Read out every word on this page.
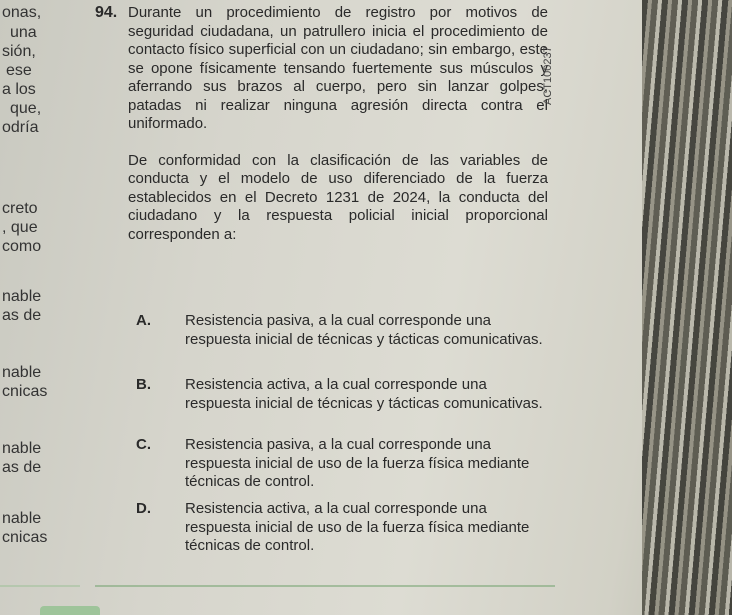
onas,
una
sión,
ese
a los
que,
odría
creto
, que
como
nable
as de
nable
cnicas
nable
as de
nable
cnicas
94. Durante un procedimiento de registro por motivos de seguridad ciudadana, un patrullero inicia el procedimiento de contacto físico superficial con un ciudadano; sin embargo, este se opone físicamente tensando fuertemente sus músculos y aferrando sus brazos al cuerpo, pero sin lanzar golpes, patadas ni realizar ninguna agresión directa contra el uniformado.

De conformidad con la clasificación de las variables de conducta y el modelo de uso diferenciado de la fuerza establecidos en el Decreto 1231 de 2024, la conducta del ciudadano y la respuesta policial inicial proporcional corresponden a:

A. Resistencia pasiva, a la cual corresponde una respuesta inicial de técnicas y tácticas comunicativas.
B. Resistencia activa, a la cual corresponde una respuesta inicial de técnicas y tácticas comunicativas.
C. Resistencia pasiva, a la cual corresponde una respuesta inicial de uso de la fuerza física mediante técnicas de control.
D. Resistencia activa, a la cual corresponde una respuesta inicial de uso de la fuerza física mediante técnicas de control.
ACT100237
